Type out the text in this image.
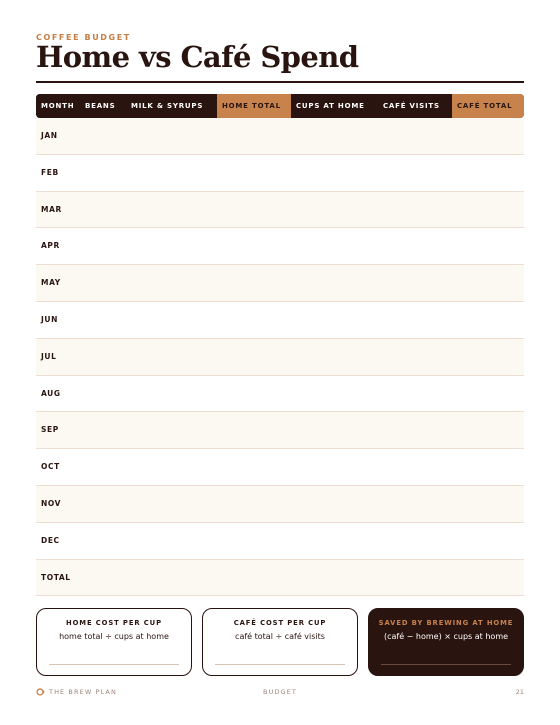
COFFEE BUDGET
Home vs Café Spend
MONTH	BEANS	MILK & SYRUPS	HOME TOTAL	CUPS AT HOME	CAFÉ VISITS	CAFÉ TOTAL
JAN
FEB
MAR
APR
MAY
JUN
JUL
AUG
SEP
OCT
NOV
DEC
TOTAL
HOME COST PER CUP
home total ÷ cups at home
CAFÉ COST PER CUP
café total ÷ café visits
SAVED BY BREWING AT HOME
(café − home) × cups at home
THE BREW PLAN	BUDGET	21
